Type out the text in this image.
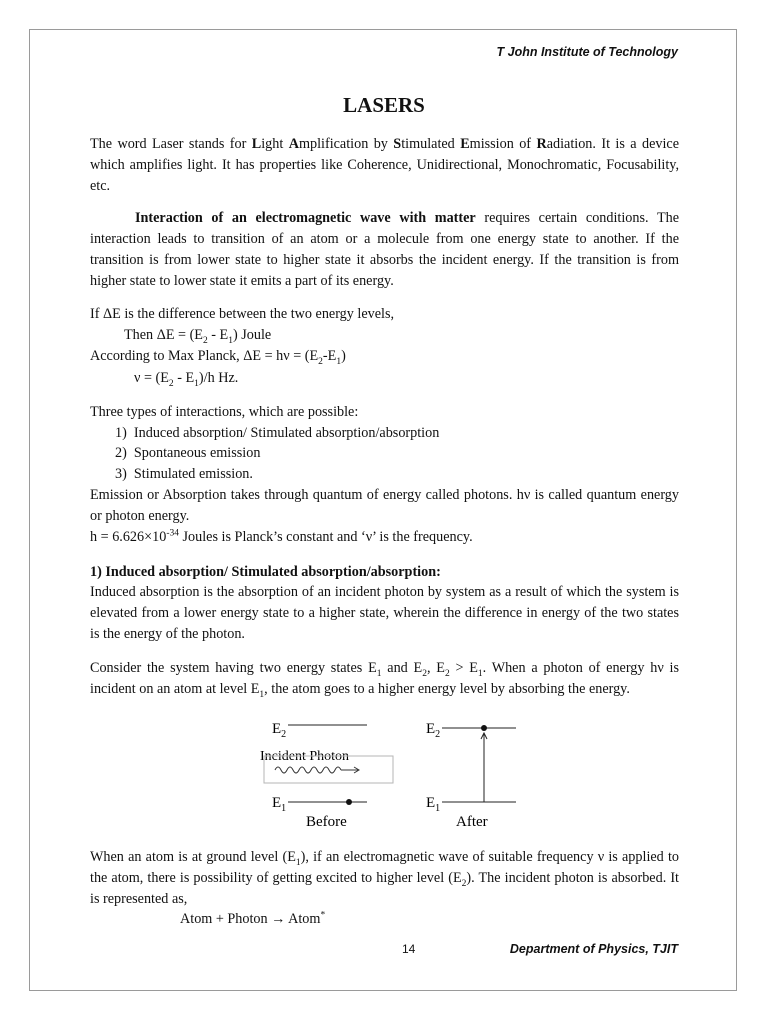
T John Institute of Technology
LASERS

The word Laser stands for Light Amplification by Stimulated Emission of Radiation. It is a device which amplifies light. It has properties like Coherence, Unidirectional, Monochromatic, Focusability, etc.

Interaction of an electromagnetic wave with matter requires certain conditions. The interaction leads to transition of an atom or a molecule from one energy state to another. If the transition is from lower state to higher state it absorbs the incident energy. If the transition is from higher state to lower state it emits a part of its energy.

If ΔE is the difference between the two energy levels,
Then $\Delta E = (E_2 - E_1)$ Joule
According to Max Planck, $\Delta E = h\nu = (E_2-E_1)$
$\nu = (E_2 - E_1)/h$ Hz.
Three types of interactions, which are possible:
1) Induced absorption/ Stimulated absorption/absorption
2) Spontaneous emission
3) Stimulated emission.

Emission or Absorption takes through quantum of energy called photons. hν is called quantum energy or photon energy.

$h = 6.626\times 10^{-34}$ Joules is Planck’s constant and ‘ν’ is the frequency.
1) Induced absorption/ Stimulated absorption/absorption:

Induced absorption is the absorption of an incident photon by system as a result of which the system is elevated from a lower energy state to a higher state, wherein the difference in energy of the two states is the energy of the photon.

Consider the system having two energy states $E_1$ and $E_2$, $E_2 > E_1$. When a photon of energy hν is incident on an atom at level $E_1$, the atom goes to a higher energy level by absorbing the energy.

$E_2$
Incident Photon
$E_1$
Before
$E_2$
$E_1$
After

When an atom is at ground level $(E_1)$, if an electromagnetic wave of suitable frequency ν is applied to the atom, there is possibility of getting excited to higher level $(E_2)$. The incident photon is absorbed. It is represented as,

Atom + Photon → Atom*
14	Department of Physics, TJIT
